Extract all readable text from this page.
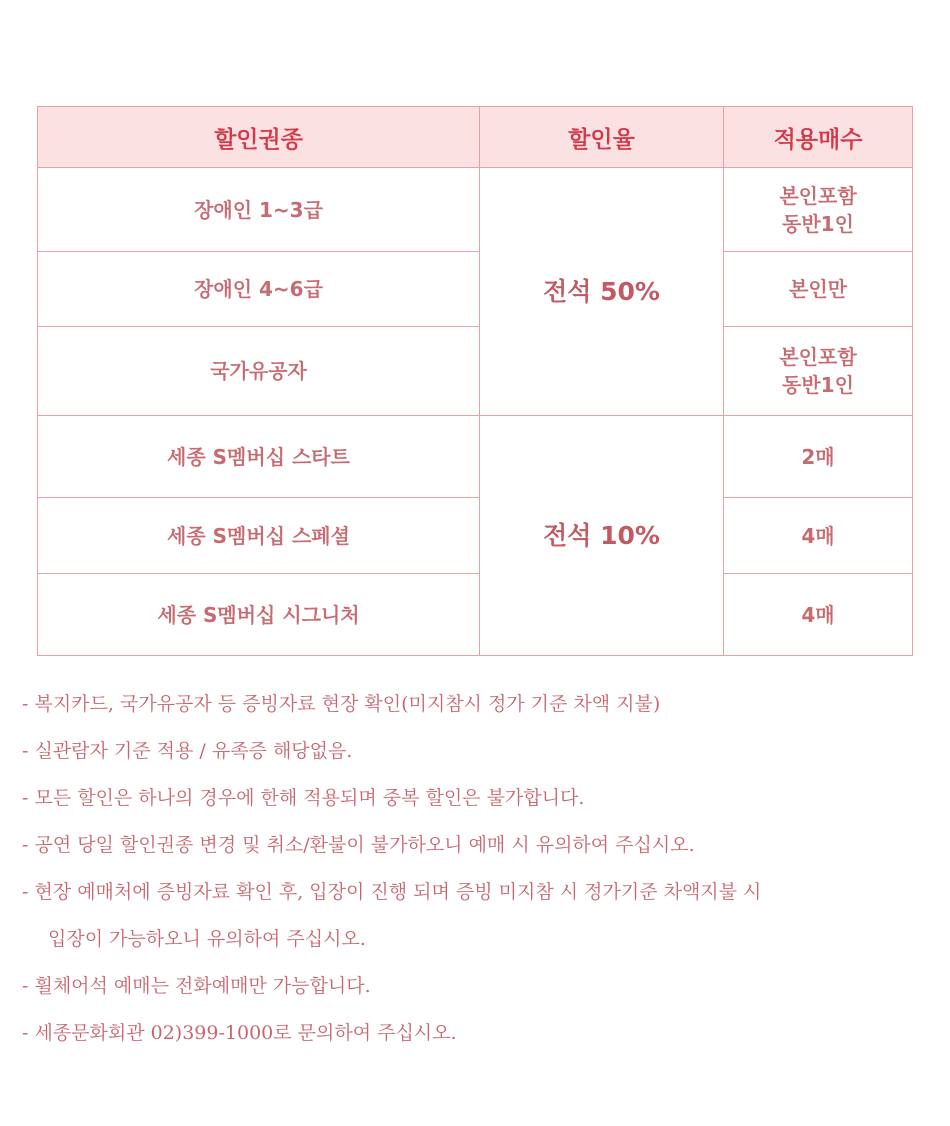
할인권종	할인율	적용매수
장애인 1~3급	전석 50%	본인포함
동반1인
장애인 4~6급		본인만
국가유공자		본인포함
동반1인
세종 S멤버십 스타트	전석 10%	2매
세종 S멤버십 스페셜		4매
세종 S멤버십 시그니처		4매
- 복지카드, 국가유공자 등 증빙자료 현장 확인(미지참시 정가 기준 차액 지불)
- 실관람자 기준 적용 / 유족증 해당없음.
- 모든 할인은 하나의 경우에 한해 적용되며 중복 할인은 불가합니다.
- 공연 당일 할인권종 변경 및 취소/환불이 불가하오니 예매 시 유의하여 주십시오.
- 현장 예매처에 증빙자료 확인 후, 입장이 진행 되며 증빙 미지참 시 정가기준 차액지불 시
입장이 가능하오니 유의하여 주십시오.
- 휠체어석 예매는 전화예매만 가능합니다.
- 세종문화회관 02)399-1000로 문의하여 주십시오.
